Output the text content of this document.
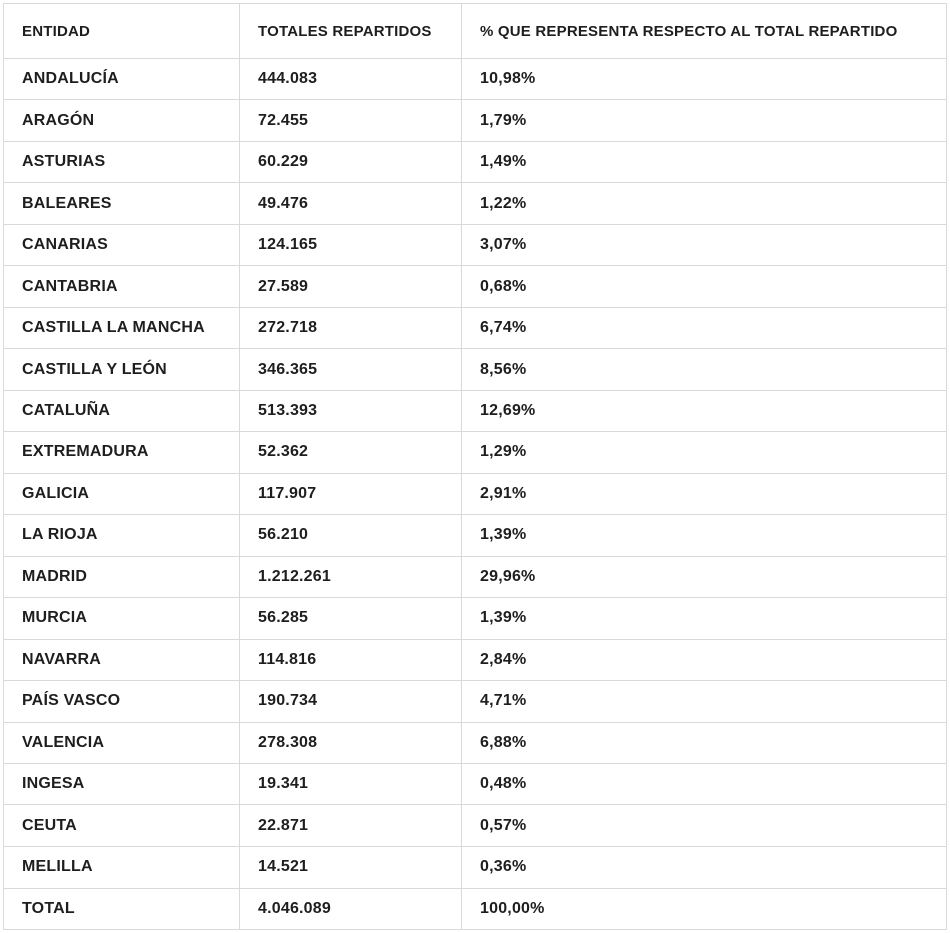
ENTIDAD	TOTALES REPARTIDOS	% QUE REPRESENTA RESPECTO AL TOTAL REPARTIDO
ANDALUCÍA	444.083	10,98%
ARAGÓN	72.455	1,79%
ASTURIAS	60.229	1,49%
BALEARES	49.476	1,22%
CANARIAS	124.165	3,07%
CANTABRIA	27.589	0,68%
CASTILLA LA MANCHA	272.718	6,74%
CASTILLA Y LEÓN	346.365	8,56%
CATALUÑA	513.393	12,69%
EXTREMADURA	52.362	1,29%
GALICIA	117.907	2,91%
LA RIOJA	56.210	1,39%
MADRID	1.212.261	29,96%
MURCIA	56.285	1,39%
NAVARRA	114.816	2,84%
PAÍS VASCO	190.734	4,71%
VALENCIA	278.308	6,88%
INGESA	19.341	0,48%
CEUTA	22.871	0,57%
MELILLA	14.521	0,36%
TOTAL	4.046.089	100,00%
